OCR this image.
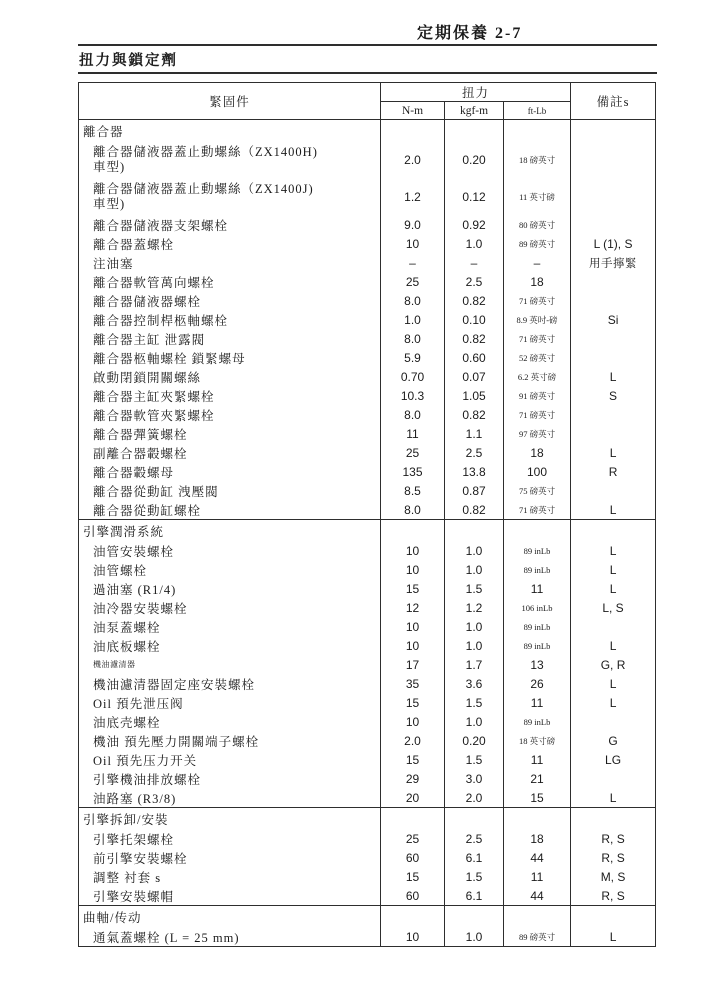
定期保養 2-7
扭力與鎖定劑
緊固件	扭力			備註s
	N-m	kgf-m	ft-Lb	
離合器				

離合器儲液器蓋止動螺絲（ZX1400H)
車型)	2.0	0.20	18 磅英寸	

離合器儲液器蓋止動螺絲（ZX1400J)
車型)	1.2	0.12	11 英寸磅	
離合器儲液器支架螺栓	9.0	0.92	80 磅英寸	
離合器蓋螺栓	10	1.0	89 磅英寸	L (1), S
注油塞	–	–	–	用手擰緊
離合器軟管萬向螺栓	25	2.5	18	
離合器儲液器螺栓	8.0	0.82	71 磅英寸	
離合器控制桿柩軸螺栓	1.0	0.10	8.9 英吋-磅	Si
離合器主缸 泄露閥	8.0	0.82	71 磅英寸	
離合器柩軸螺栓 鎖緊螺母	5.9	0.60	52 磅英寸	
啟動閉鎖開關螺絲	0.70	0.07	6.2 英寸磅	L
離合器主缸夾緊螺栓	10.3	1.05	91 磅英寸	S
離合器軟管夾緊螺栓	8.0	0.82	71 磅英寸	
離合器彈簧螺栓	11	1.1	97 磅英寸	
副離合器轂螺栓	25	2.5	18	L
離合器轂螺母	135	13.8	100	R
離合器從動缸 洩壓閥	8.5	0.87	75 磅英寸	
離合器從動缸螺栓	8.0	0.82	71 磅英寸	L
引擎潤滑系統				
油管安裝螺栓	10	1.0	89 inLb	L
油管螺栓	10	1.0	89 inLb	L
過油塞 (R1/4)	15	1.5	11	L
油冷器安裝螺栓	12	1.2	106 inLb	L, S
油泵蓋螺栓	10	1.0	89 inLb	
油底板螺栓	10	1.0	89 inLb	L
機油濾清器	17	1.7	13	G, R
機油濾清器固定座安裝螺栓	35	3.6	26	L
Oil 預先泄压阀	15	1.5	11	L
油底壳螺栓	10	1.0	89 inLb	
機油 預先壓力開關端子螺栓	2.0	0.20	18 英寸磅	G
Oil 預先压力开关	15	1.5	11	LG
引擎機油排放螺栓	29	3.0	21	
油路塞 (R3/8)	20	2.0	15	L
引擎拆卸/安裝				
引擎托架螺栓	25	2.5	18	R, S
前引擎安裝螺栓	60	6.1	44	R, S
調整 衬套 s	15	1.5	11	M, S
引擎安裝螺帽	60	6.1	44	R, S
曲軸/传动				
通氣蓋螺栓 (L = 25 mm)	10	1.0	89 磅英寸	L
